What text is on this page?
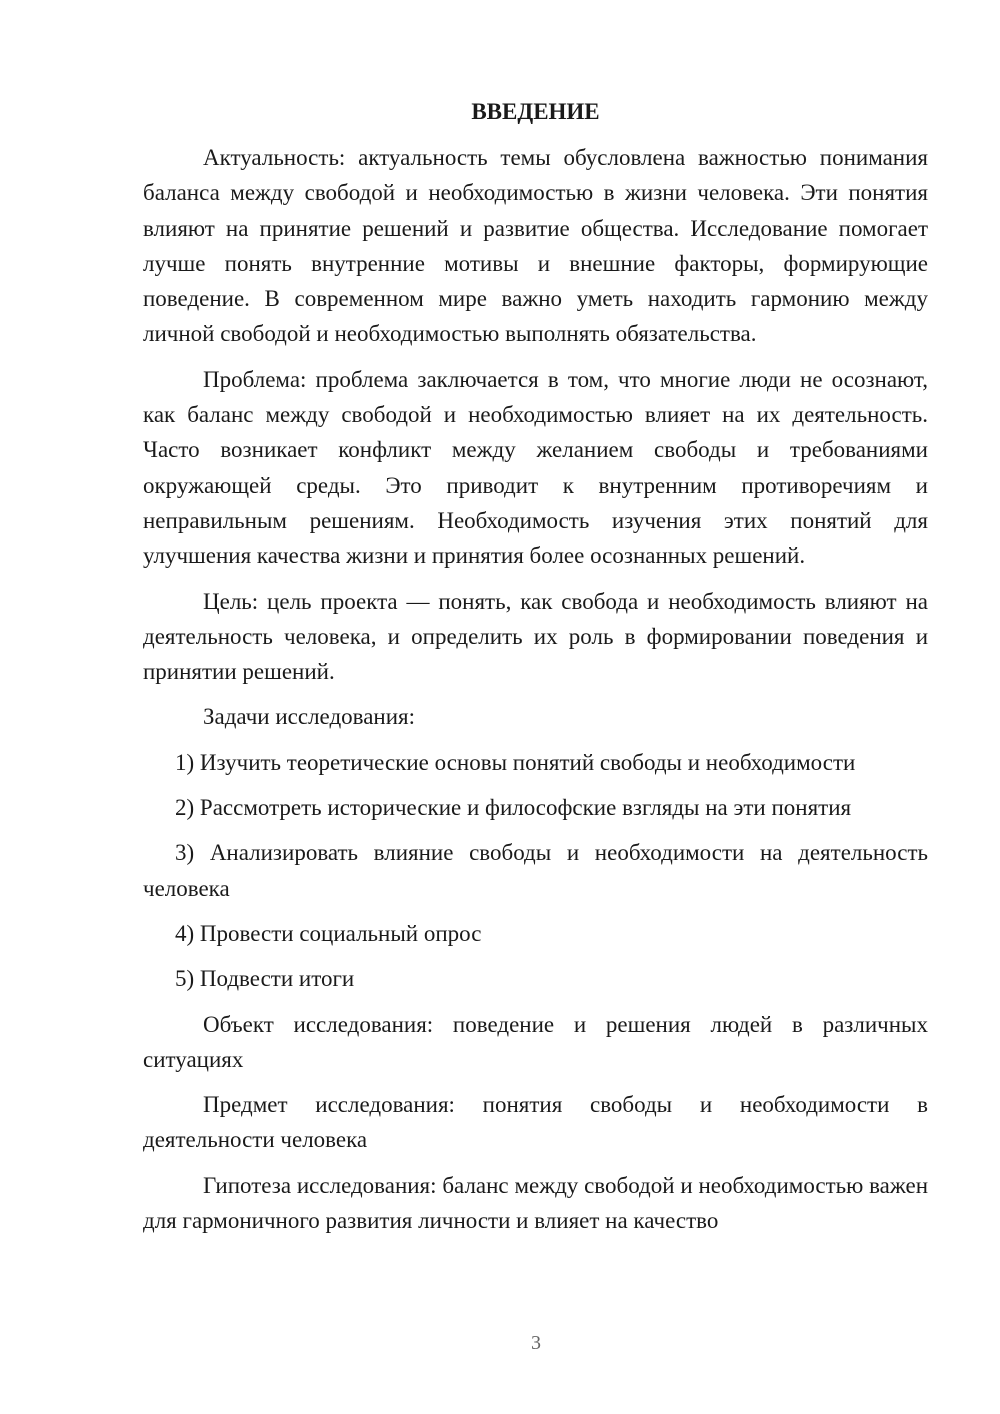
ВВЕДЕНИЕ

Актуальность: актуальность темы обусловлена важностью понимания баланса между свободой и необходимостью в жизни человека. Эти понятия влияют на принятие решений и развитие общества. Исследование помогает лучше понять внутренние мотивы и внешние факторы, формирующие поведение. В современном мире важно уметь находить гармонию между личной свободой и необходимостью выполнять обязательства.

Проблема: проблема заключается в том, что многие люди не осознают, как баланс между свободой и необходимостью влияет на их деятельность. Часто возникает конфликт между желанием свободы и требованиями окружающей среды. Это приводит к внутренним противоречиям и неправильным решениям. Необходимость изучения этих понятий для улучшения качества жизни и принятия более осознанных решений.

Цель: цель проекта — понять, как свобода и необходимость влияют на деятельность человека, и определить их роль в формировании поведения и принятии решений.

Задачи исследования:

1) Изучить теоретические основы понятий свободы и необходимости

2) Рассмотреть исторические и философские взгляды на эти понятия

3) Анализировать влияние свободы и необходимости на деятельность человека

4) Провести социальный опрос

5) Подвести итоги

Объект исследования: поведение и решения людей в различных ситуациях

Предмет исследования: понятия свободы и необходимости в деятельности человека

Гипотеза исследования: баланс между свободой и необходимостью важен для гармоничного развития личности и влияет на качество

3
